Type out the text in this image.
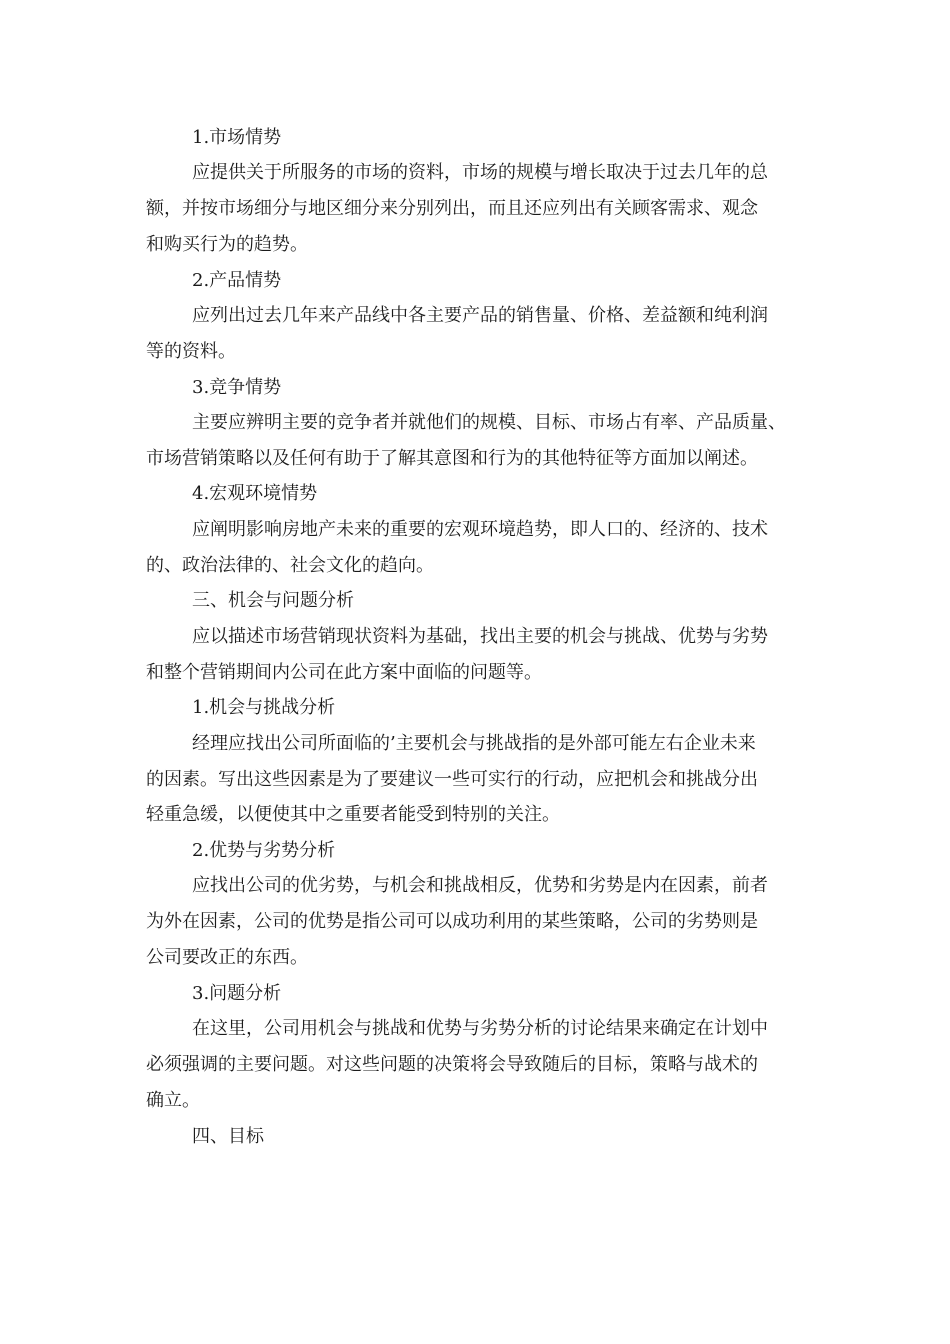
1.市场情势

应提供关于所服务的市场的资料，市场的规模与增长取决于过去几年的总

额，并按市场细分与地区细分来分别列出，而且还应列出有关顾客需求、观念

和购买行为的趋势。

2.产品情势

应列出过去几年来产品线中各主要产品的销售量、价格、差益额和纯利润

等的资料。

3.竞争情势

主要应辨明主要的竞争者并就他们的规模、目标、市场占有率、产品质量、

市场营销策略以及任何有助于了解其意图和行为的其他特征等方面加以阐述。

4.宏观环境情势

应阐明影响房地产未来的重要的宏观环境趋势，即人口的、经济的、技术

的、政治法律的、社会文化的趋向。

三、机会与问题分析

应以描述市场营销现状资料为基础，找出主要的机会与挑战、优势与劣势

和整个营销期间内公司在此方案中面临的问题等。

1.机会与挑战分析

经理应找出公司所面临的’主要机会与挑战指的是外部可能左右企业未来

的因素。写出这些因素是为了要建议一些可实行的行动，应把机会和挑战分出

轻重急缓，以便使其中之重要者能受到特别的关注。

2.优势与劣势分析

应找出公司的优劣势，与机会和挑战相反，优势和劣势是内在因素，前者

为外在因素，公司的优势是指公司可以成功利用的某些策略，公司的劣势则是

公司要改正的东西。

3.问题分析

在这里，公司用机会与挑战和优势与劣势分析的讨论结果来确定在计划中

必须强调的主要问题。对这些问题的决策将会导致随后的目标，策略与战术的

确立。

四、目标
